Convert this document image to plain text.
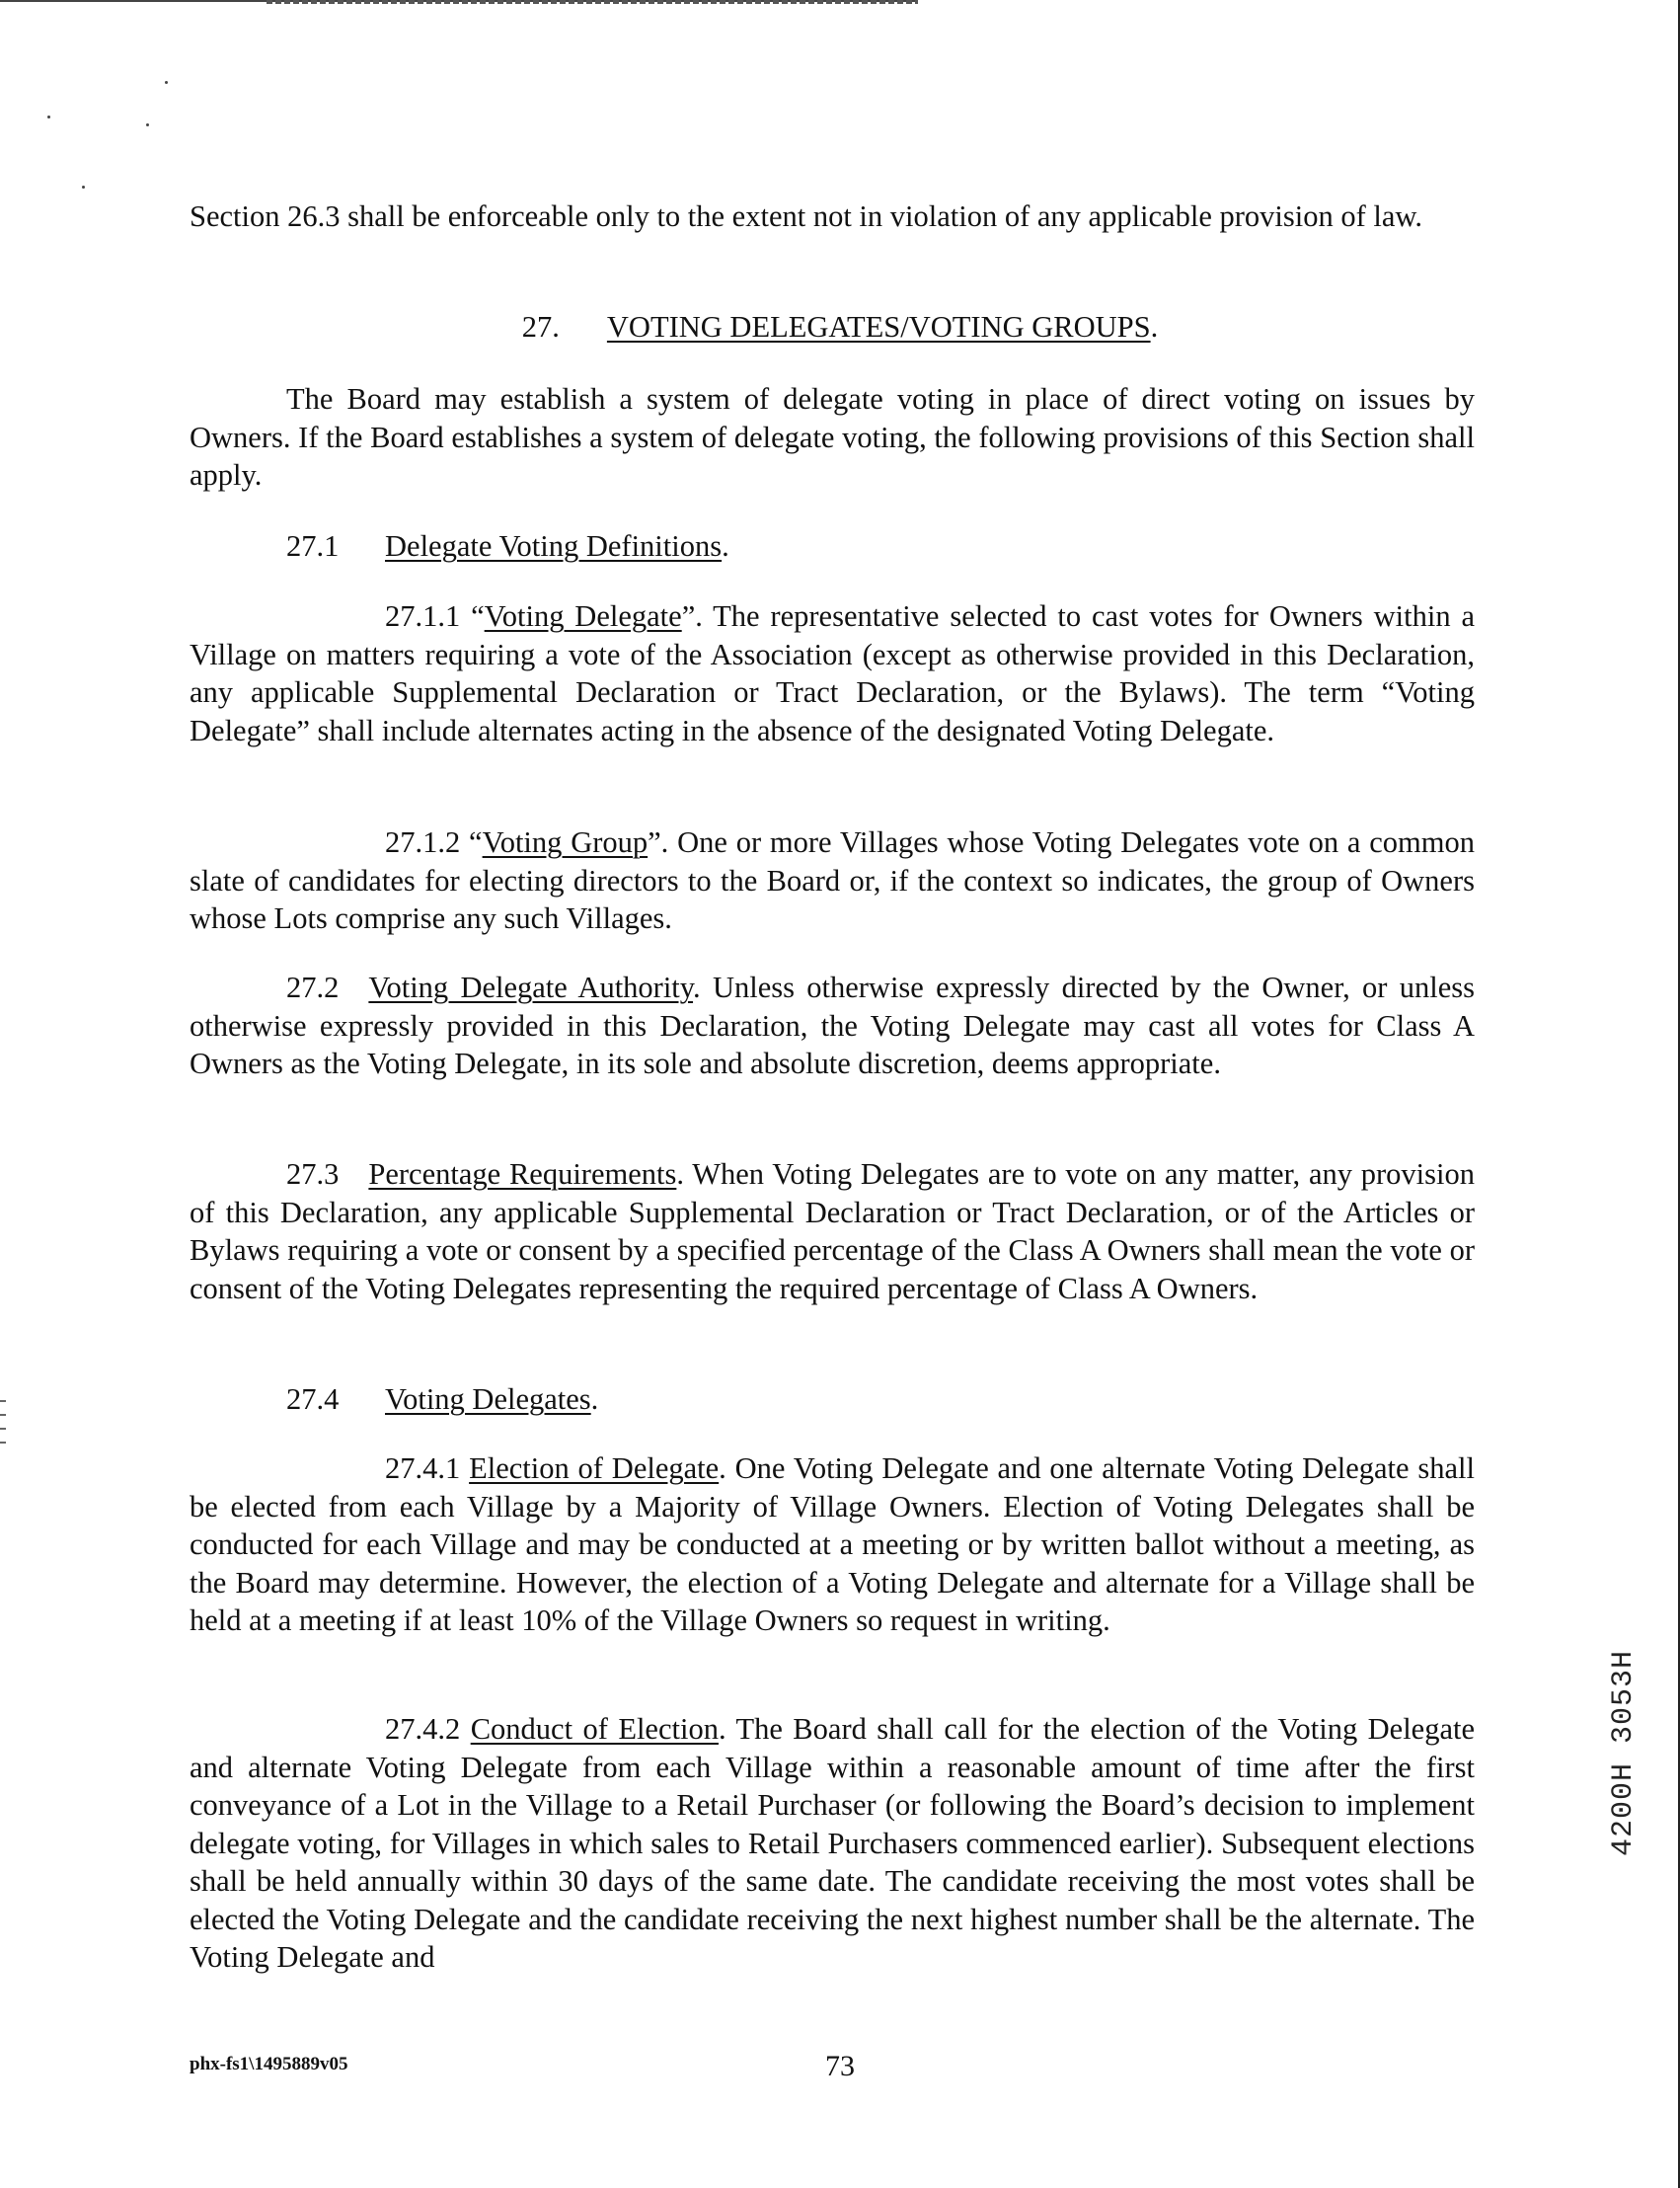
Section 26.3 shall be enforceable only to the extent not in violation of any applicable provision of law.

27. VOTING DELEGATES/VOTING GROUPS.

The Board may establish a system of delegate voting in place of direct voting on issues by Owners. If the Board establishes a system of delegate voting, the following provisions of this Section shall apply.

27.1 Delegate Voting Definitions.

27.1.1 “Voting Delegate”. The representative selected to cast votes for Owners within a Village on matters requiring a vote of the Association (except as otherwise provided in this Declaration, any applicable Supplemental Declaration or Tract Declaration, or the Bylaws). The term “Voting Delegate” shall include alternates acting in the absence of the designated Voting Delegate.

27.1.2 “Voting Group”. One or more Villages whose Voting Delegates vote on a common slate of candidates for electing directors to the Board or, if the context so indicates, the group of Owners whose Lots comprise any such Villages.

27.2 Voting Delegate Authority. Unless otherwise expressly directed by the Owner, or unless otherwise expressly provided in this Declaration, the Voting Delegate may cast all votes for Class A Owners as the Voting Delegate, in its sole and absolute discretion, deems appropriate.

27.3 Percentage Requirements. When Voting Delegates are to vote on any matter, any provision of this Declaration, any applicable Supplemental Declaration or Tract Declaration, or of the Articles or Bylaws requiring a vote or consent by a specified percentage of the Class A Owners shall mean the vote or consent of the Voting Delegates representing the required percentage of Class A Owners.

27.4 Voting Delegates.

27.4.1 Election of Delegate. One Voting Delegate and one alternate Voting Delegate shall be elected from each Village by a Majority of Village Owners. Election of Voting Delegates shall be conducted for each Village and may be conducted at a meeting or by written ballot without a meeting, as the Board may determine. However, the election of a Voting Delegate and alternate for a Village shall be held at a meeting if at least 10% of the Village Owners so request in writing.

27.4.2 Conduct of Election. The Board shall call for the election of the Voting Delegate and alternate Voting Delegate from each Village within a reasonable amount of time after the first conveyance of a Lot in the Village to a Retail Purchaser (or following the Board’s decision to implement delegate voting, for Villages in which sales to Retail Purchasers commenced earlier). Subsequent elections shall be held annually within 30 days of the same date. The candidate receiving the most votes shall be elected the Voting Delegate and the candidate receiving the next highest number shall be the alternate. The Voting Delegate and

phx-fs1\1495889v05	73
4200H 3053H
